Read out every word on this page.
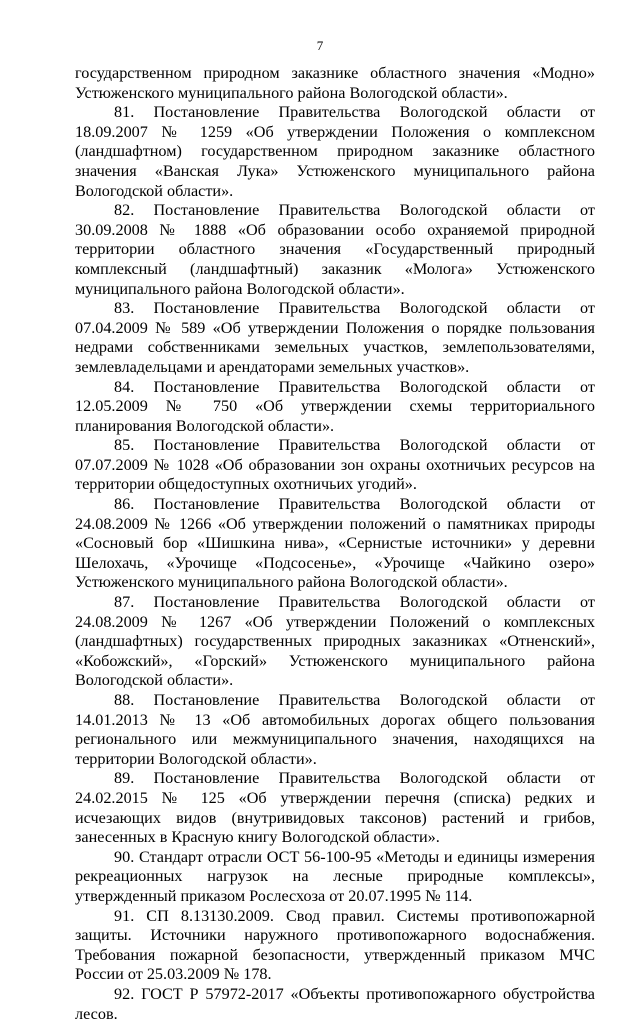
7

государственном природном заказнике областного значения «Модно» Устюженского муниципального района Вологодской области».

81. Постановление Правительства Вологодской области от 18.09.2007 № 1259 «Об утверждении Положения о комплексном (ландшафтном) государственном природном заказнике областного значения «Ванская Лука» Устюженского муниципального района Вологодской области».

82. Постановление Правительства Вологодской области от 30.09.2008 № 1888 «Об образовании особо охраняемой природной территории областного значения «Государственный природный комплексный (ландшафтный) заказник «Молога» Устюженского муниципального района Вологодской области».

83. Постановление Правительства Вологодской области от 07.04.2009 № 589 «Об утверждении Положения о порядке пользования недрами собственниками земельных участков, землепользователями, землевладельцами и арендаторами земельных участков».

84. Постановление Правительства Вологодской области от 12.05.2009 № 750 «Об утверждении схемы территориального планирования Вологодской области».

85. Постановление Правительства Вологодской области от 07.07.2009 № 1028 «Об образовании зон охраны охотничьих ресурсов на территории общедоступных охотничьих угодий».

86. Постановление Правительства Вологодской области от 24.08.2009 № 1266 «Об утверждении положений о памятниках природы «Сосновый бор «Шишкина нива», «Сернистые источники» у деревни Шелохачь, «Урочище «Подсосенье», «Урочище «Чайкино озеро» Устюженского муниципального района Вологодской области».

87. Постановление Правительства Вологодской области от 24.08.2009 № 1267 «Об утверждении Положений о комплексных (ландшафтных) государственных природных заказниках «Отненский», «Кобожский», «Горский» Устюженского муниципального района Вологодской области».

88. Постановление Правительства Вологодской области от 14.01.2013 № 13 «Об автомобильных дорогах общего пользования регионального или межмуниципального значения, находящихся на территории Вологодской области».

89. Постановление Правительства Вологодской области от 24.02.2015 № 125 «Об утверждении перечня (списка) редких и исчезающих видов (внутривидовых таксонов) растений и грибов, занесенных в Красную книгу Вологодской области».

90. Стандарт отрасли ОСТ 56-100-95 «Методы и единицы измерения рекреационных нагрузок на лесные природные комплексы», утвержденный приказом Рослесхоза от 20.07.1995 № 114.

91. СП 8.13130.2009. Свод правил. Системы противопожарной защиты. Источники наружного противопожарного водоснабжения. Требования пожарной безопасности, утвержденный приказом МЧС России от 25.03.2009 № 178.

92. ГОСТ Р 57972-2017 «Объекты противопожарного обустройства лесов.
